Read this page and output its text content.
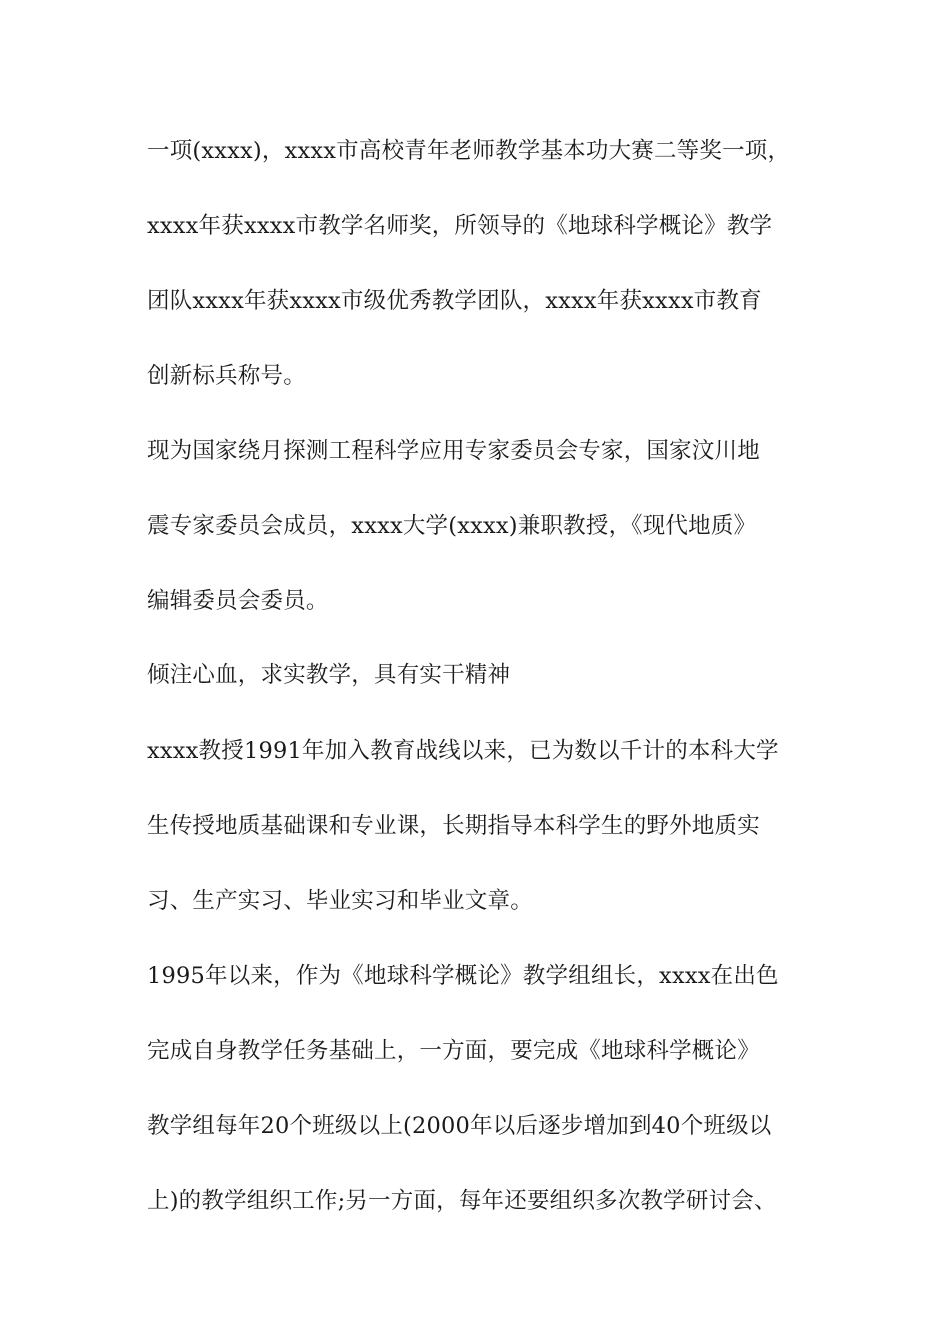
一项(xxxx)，xxxx市高校青年老师教学基本功大赛二等奖一项，
xxxx年获xxxx市教学名师奖，所领导的《地球科学概论》教学
团队xxxx年获xxxx市级优秀教学团队，xxxx年获xxxx市教育
创新标兵称号。
现为国家绕月探测工程科学应用专家委员会专家，国家汶川地
震专家委员会成员，xxxx大学(xxxx)兼职教授，《现代地质》
编辑委员会委员。
倾注心血，求实教学，具有实干精神
xxxx教授1991年加入教育战线以来，已为数以千计的本科大学
生传授地质基础课和专业课，长期指导本科学生的野外地质实
习、生产实习、毕业实习和毕业文章。
1995年以来，作为《地球科学概论》教学组组长，xxxx在出色
完成自身教学任务基础上，一方面，要完成《地球科学概论》
教学组每年20个班级以上(2000年以后逐步增加到40个班级以
上)的教学组织工作;另一方面，每年还要组织多次教学研讨会、
